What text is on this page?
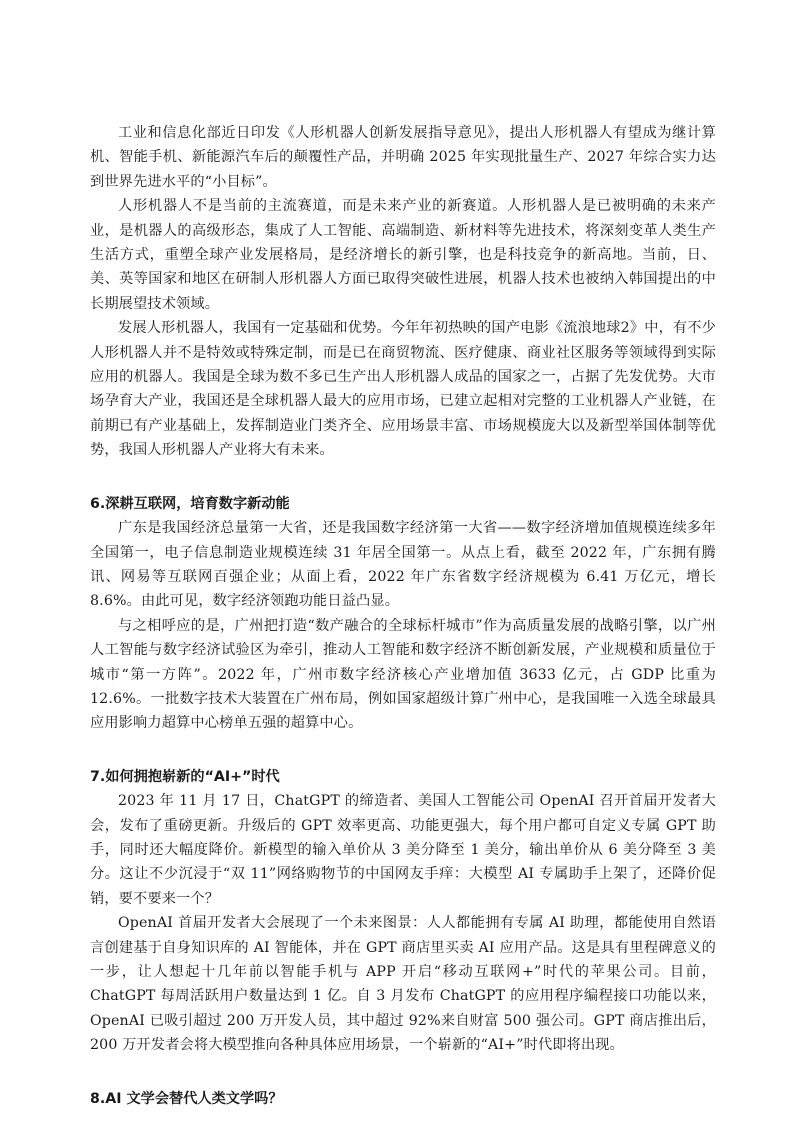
工业和信息化部近日印发《人形机器人创新发展指导意见》，提出人形机器人有望成为继计算机、智能手机、新能源汽车后的颠覆性产品，并明确 2025 年实现批量生产、2027 年综合实力达到世界先进水平的“小目标”。

人形机器人不是当前的主流赛道，而是未来产业的新赛道。人形机器人是已被明确的未来产业，是机器人的高级形态，集成了人工智能、高端制造、新材料等先进技术，将深刻变革人类生产生活方式，重塑全球产业发展格局，是经济增长的新引擎，也是科技竞争的新高地。当前，日、美、英等国家和地区在研制人形机器人方面已取得突破性进展，机器人技术也被纳入韩国提出的中长期展望技术领域。

发展人形机器人，我国有一定基础和优势。今年年初热映的国产电影《流浪地球2》中，有不少人形机器人并不是特效或特殊定制，而是已在商贸物流、医疗健康、商业社区服务等领域得到实际应用的机器人。我国是全球为数不多已生产出人形机器人成品的国家之一，占据了先发优势。大市场孕育大产业，我国还是全球机器人最大的应用市场，已建立起相对完整的工业机器人产业链，在前期已有产业基础上，发挥制造业门类齐全、应用场景丰富、市场规模庞大以及新型举国体制等优势，我国人形机器人产业将大有未来。

6.深耕互联网，培育数字新动能

广东是我国经济总量第一大省，还是我国数字经济第一大省——数字经济增加值规模连续多年全国第一，电子信息制造业规模连续 31 年居全国第一。从点上看，截至 2022 年，广东拥有腾讯、网易等互联网百强企业；从面上看，2022 年广东省数字经济规模为 6.41 万亿元，增长 8.6%。由此可见，数字经济领跑功能日益凸显。

与之相呼应的是，广州把打造“数产融合的全球标杆城市”作为高质量发展的战略引擎，以广州人工智能与数字经济试验区为牵引，推动人工智能和数字经济不断创新发展，产业规模和质量位于城市“第一方阵”。2022 年，广州市数字经济核心产业增加值 3633 亿元，占 GDP 比重为 12.6%。一批数字技术大装置在广州布局，例如国家超级计算广州中心，是我国唯一入选全球最具应用影响力超算中心榜单五强的超算中心。

7.如何拥抱崭新的“AI+”时代

2023 年 11 月 17 日，ChatGPT 的缔造者、美国人工智能公司 OpenAI 召开首届开发者大会，发布了重磅更新。升级后的 GPT 效率更高、功能更强大，每个用户都可自定义专属 GPT 助手，同时还大幅度降价。新模型的输入单价从 3 美分降至 1 美分，输出单价从 6 美分降至 3 美分。这让不少沉浸于“双 11”网络购物节的中国网友手痒：大模型 AI 专属助手上架了，还降价促销，要不要来一个？

OpenAI 首届开发者大会展现了一个未来图景：人人都能拥有专属 AI 助理，都能使用自然语言创建基于自身知识库的 AI 智能体，并在 GPT 商店里买卖 AI 应用产品。这是具有里程碑意义的一步，让人想起十几年前以智能手机与 APP 开启“移动互联网+”时代的苹果公司。目前，ChatGPT 每周活跃用户数量达到 1 亿。自 3 月发布 ChatGPT 的应用程序编程接口功能以来，OpenAI 已吸引超过 200 万开发人员，其中超过 92%来自财富 500 强公司。GPT 商店推出后，200 万开发者会将大模型推向各种具体应用场景，一个崭新的“AI+”时代即将出现。

8.AI 文学会替代人类文学吗？
